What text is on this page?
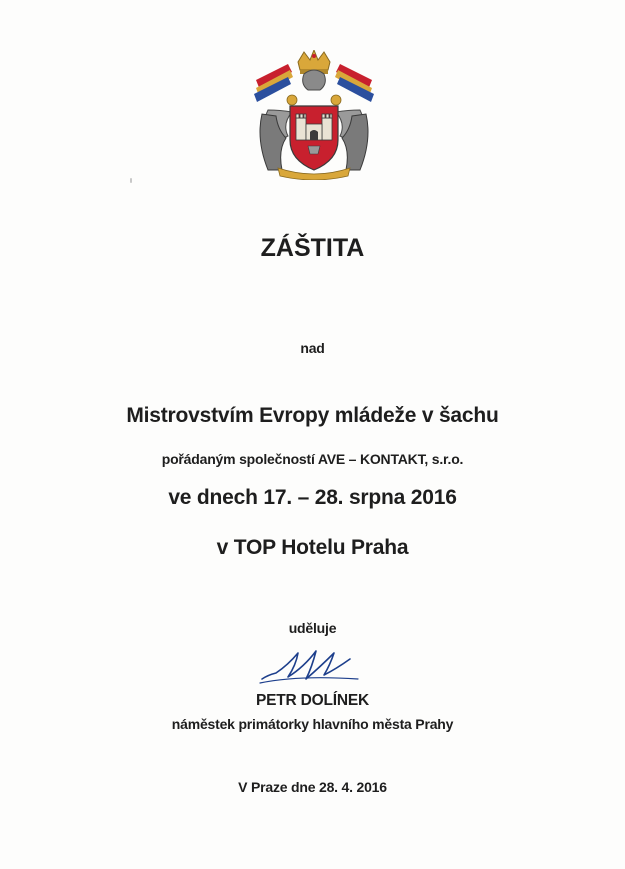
ZÁŠTITA
nad
Mistrovstvím Evropy mládeže v šachu
pořádaným společností AVE – KONTAKT, s.r.o.
ve dnech 17. – 28. srpna 2016
v TOP Hotelu Praha
uděluje
PETR DOLÍNEK
náměstek primátorky hlavního města Prahy
V Praze dne 28. 4. 2016
